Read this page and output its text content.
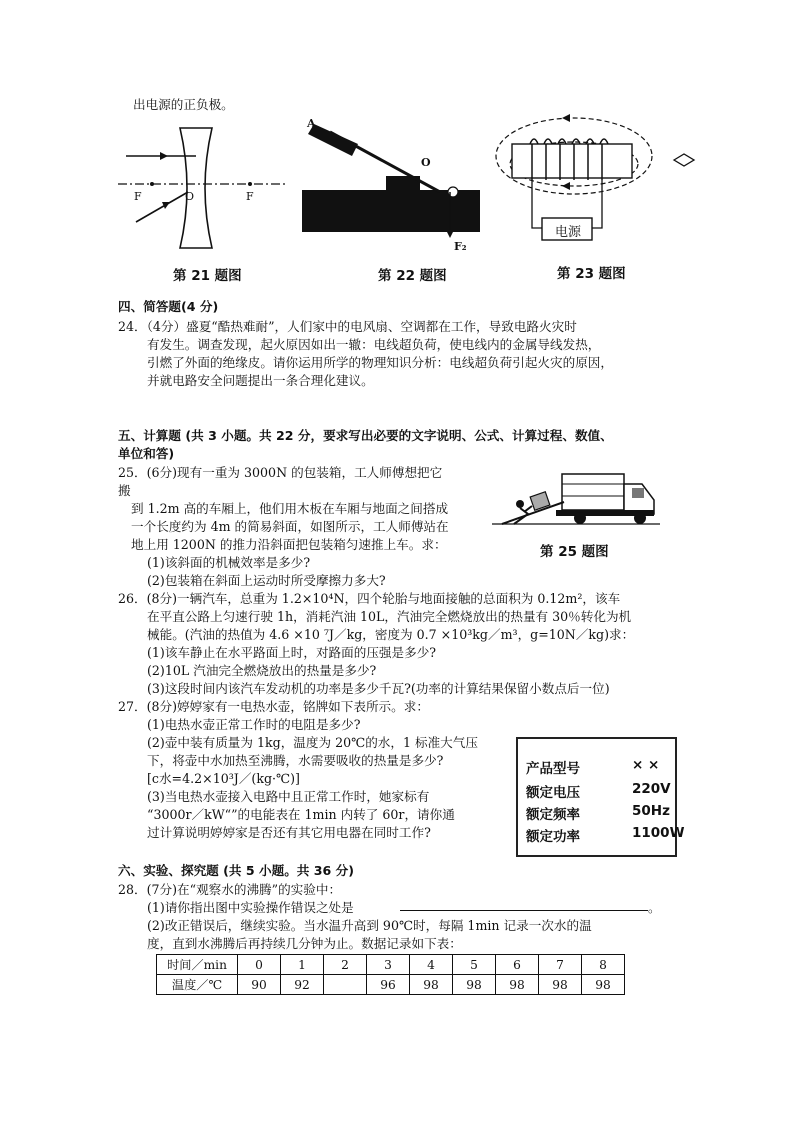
出电源的正负极。
F	O	F
第 21 题图
A
O
F₂
第 22 题图
电源
第 23 题图
四、简答题(4 分)
24．（4分）盛夏“酷热难耐”，人们家中的电风扇、空调都在工作，导致电路火灾时
有发生。调查发现，起火原因如出一辙：电线超负荷，使电线内的金属导线发热，
引燃了外面的绝缘皮。请你运用所学的物理知识分析：电线超负荷引起火灾的原因，
并就电路安全问题提出一条合理化建议。
五、计算题 (共 3 小题。共 22 分，要求写出必要的文字说明、公式、计算过程、数值、
单位和答)
25．(6分)现有一重为 3000N 的包装箱，工人师傅想把它
搬
到 1.2m 高的车厢上，他们用木板在车厢与地面之间搭成
一个长度约为 4m 的简易斜面，如图所示，工人师傅站在
地上用 1200N 的推力沿斜面把包装箱匀速推上车。求：
(1)该斜面的机械效率是多少?
(2)包装箱在斜面上运动时所受摩擦力多大?
第 25 题图
26．(8分)一辆汽车，总重为 1.2×10⁴N，四个轮胎与地面接触的总面积为 0.12m²，该车
在平直公路上匀速行驶 1h，消耗汽油 10L，汽油完全燃烧放出的热量有 30％转化为机
械能。(汽油的热值为 4.6 ×10 ⁷J／kg，密度为 0.7 ×10³kg／m³，g=10N／kg)求：
(1)该车静止在水平路面上时，对路面的压强是多少?
(2)10L 汽油完全燃烧放出的热量是多少?
(3)这段时间内该汽车发动机的功率是多少千瓦?(功率的计算结果保留小数点后一位)
27．(8分)婷婷家有一电热水壶，铭牌如下表所示。求：
(1)电热水壶正常工作时的电阻是多少?
(2)壶中装有质量为 1kg，温度为 20℃的水，1 标准大气压
下，将壶中水加热至沸腾，水需要吸收的热量是多少?
[c水=4.2×10³J／(kg·℃)]
(3)当电热水壶接入电路中且正常工作时，她家标有
“3000r／kW“”的电能表在 1min 内转了 60r，请你通
过计算说明婷婷家是否还有其它用电器在同时工作?
产品型号	× ×
额定电压	220V
额定频率	50Hz
额定功率	1100W
六、实验、探究题 (共 5 小题。共 36 分)
28．(7分)在“观察水的沸腾”的实验中：
(1)请你指出图中实验操作错误之处是	。
(2)改正错误后，继续实验。当水温升高到 90℃时，每隔 1min 记录一次水的温
度，直到水沸腾后再持续几分钟为止。数据记录如下表：
时间／min	0	1	2	3	4	5	6	7	8
温度／℃	90	92		96	98	98	98	98	98
